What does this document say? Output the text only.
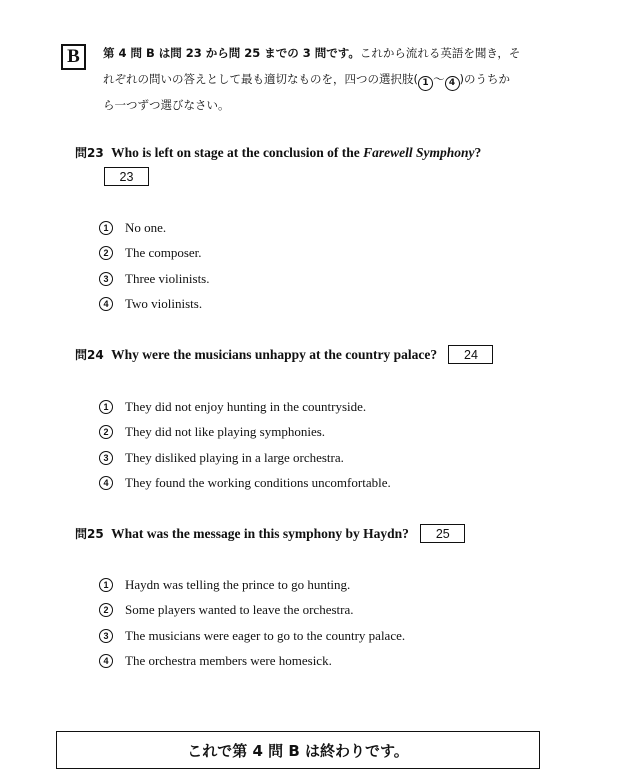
B	第 4 問 B は問 23 から問 25 までの 3 問です。これから流れる英語を聞き，そ
れぞれの問いの答えとして最も適切なものを，四つの選択肢( 1 ～ 4 )のうちか
ら一つずつ選びなさい。
問23 Who is left on stage at the conclusion of the Farewell Symphony?
23
1	No one.
2	The composer.
3	Three violinists.
4	Two violinists.
問24 Why were the musicians unhappy at the country palace? 24
1	They did not enjoy hunting in the countryside.
2	They did not like playing symphonies.
3	They disliked playing in a large orchestra.
4	They found the working conditions uncomfortable.
問25 What was the message in this symphony by Haydn? 25
1	Haydn was telling the prince to go hunting.
2	Some players wanted to leave the orchestra.
3	The musicians were eager to go to the country palace.
4	The orchestra members were homesick.
これで第 4 問 B は終わりです。
